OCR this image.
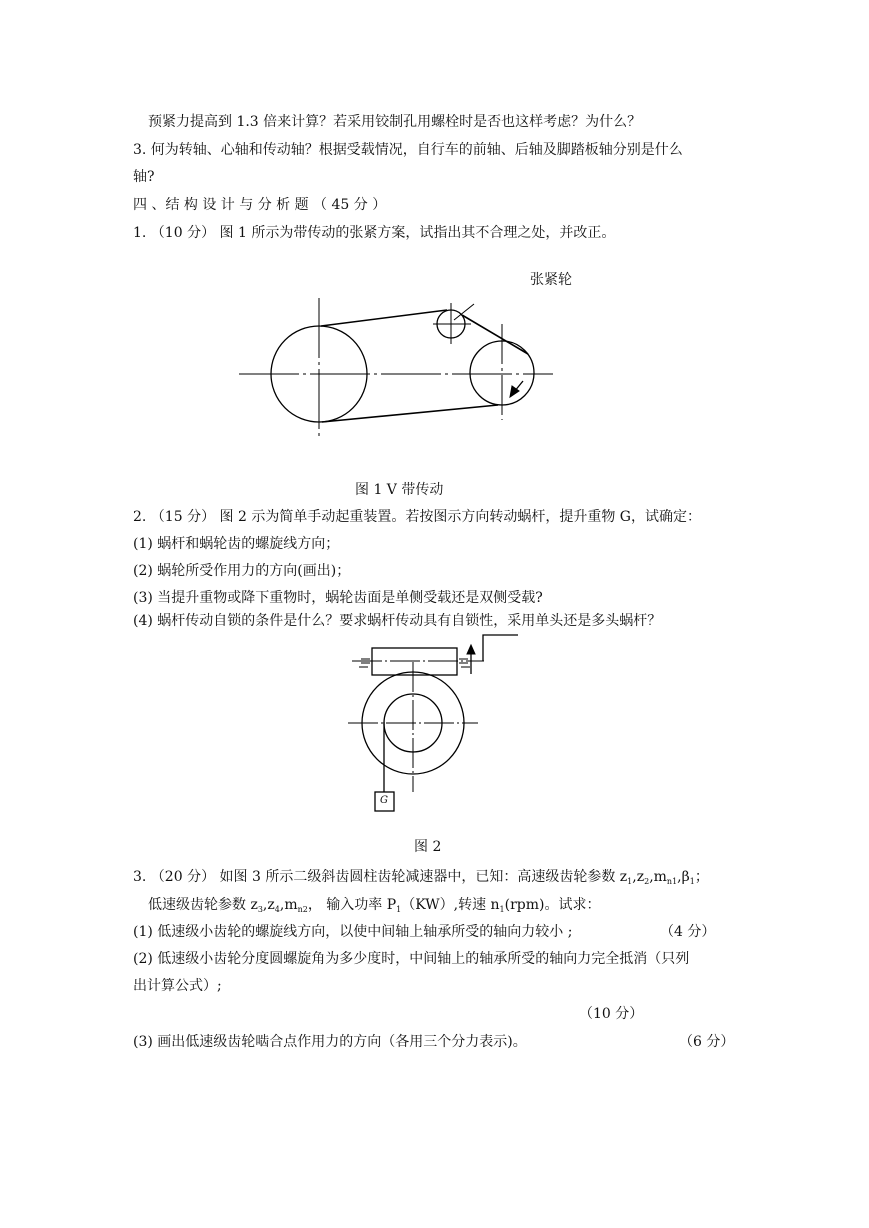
预紧力提高到 1.3 倍来计算？若采用铰制孔用螺栓时是否也这样考虑？为什么？
3. 何为转轴、心轴和传动轴？根据受载情况，自行车的前轴、后轴及脚踏板轴分别是什么
轴?
四 、结 构 设 计 与 分 析 题 （ 45 分 ）
1. （10 分） 图 1 所示为带传动的张紧方案，试指出其不合理之处，并改正。
张紧轮
图 1 V 带传动
2. （15 分） 图 2 示为简单手动起重装置。若按图示方向转动蜗杆，提升重物 G，试确定：
(1) 蜗杆和蜗轮齿的螺旋线方向；
(2) 蜗轮所受作用力的方向(画出)；
(3) 当提升重物或降下重物时，蜗轮齿面是单侧受载还是双侧受载?
(4) 蜗杆传动自锁的条件是什么？要求蜗杆传动具有自锁性，采用单头还是多头蜗杆？
G
图 2
3. （20 分） 如图 3 所示二级斜齿圆柱齿轮减速器中，已知：高速级齿轮参数 $z_1,z_2,m_{n1},\beta_1$；
低速级齿轮参数 $z_3,z_4,m_{n2}$， 输入功率 $P_1(KW)$,转速 $n_1(rpm)$。试求：
(1) 低速级小齿轮的螺旋线方向，以使中间轴上轴承所受的轴向力较小 ;	（4 分）
(2) 低速级小齿轮分度圆螺旋角为多少度时，中间轴上的轴承所受的轴向力完全抵消（只列
出计算公式）;
（10 分）
(3) 画出低速级齿轮啮合点作用力的方向（各用三个分力表示)。	（6 分）
